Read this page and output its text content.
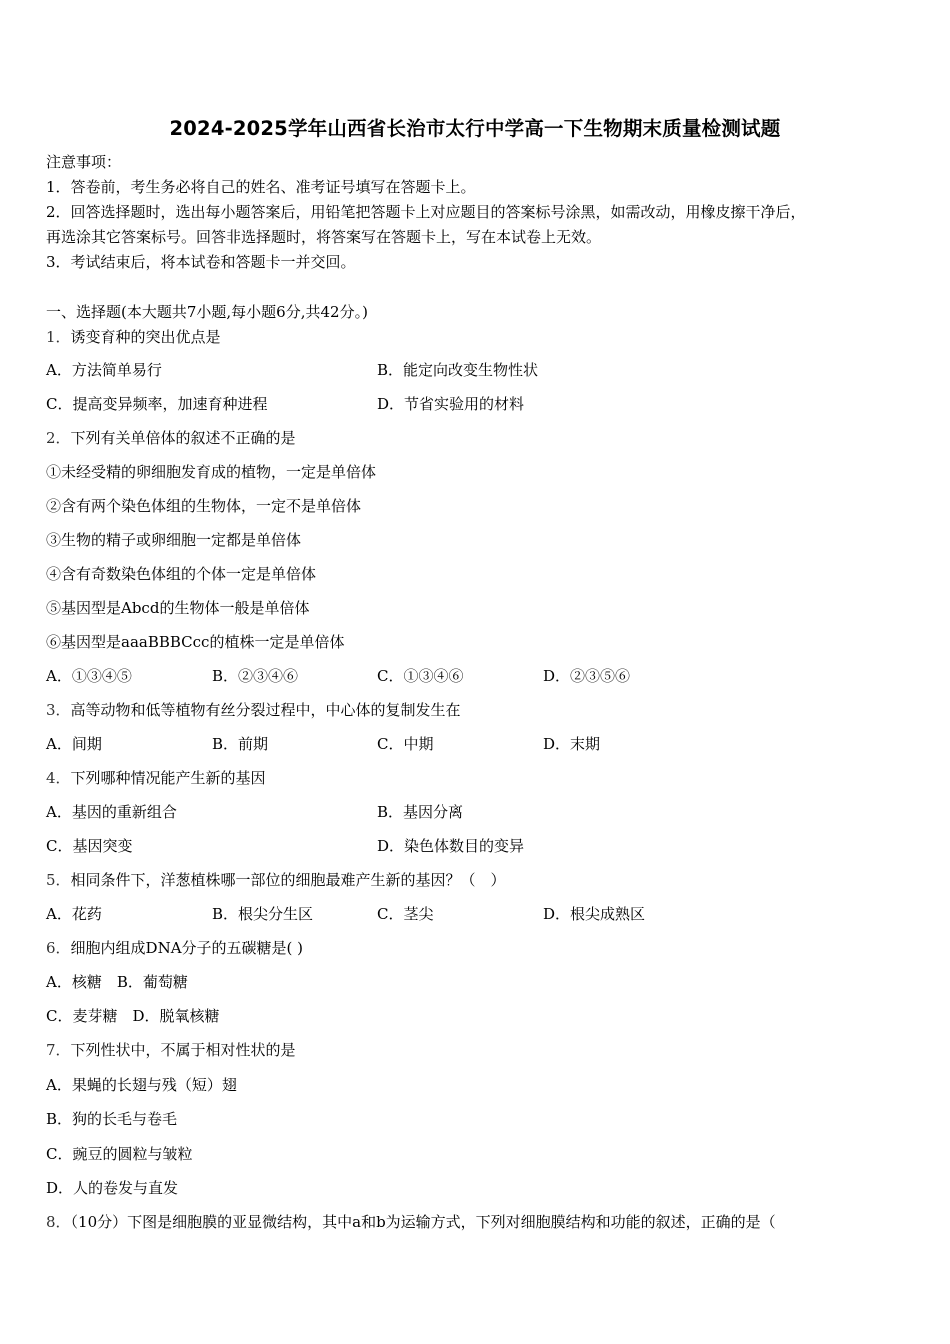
2024-2025学年山西省长治市太行中学高一下生物期末质量检测试题
注意事项：
1．答卷前，考生务必将自己的姓名、准考证号填写在答题卡上。
2．回答选择题时，选出每小题答案后，用铅笔把答题卡上对应题目的答案标号涂黑，如需改动，用橡皮擦干净后，
再选涂其它答案标号。回答非选择题时，将答案写在答题卡上，写在本试卷上无效。
3．考试结束后，将本试卷和答题卡一并交回。
一、选择题(本大题共7小题,每小题6分,共42分。)
1．诱变育种的突出优点是
A．方法简单易行	B．能定向改变生物性状
C．提高变异频率，加速育种进程	D．节省实验用的材料
2．下列有关单倍体的叙述不正确的是
①未经受精的卵细胞发育成的植物，一定是单倍体
②含有两个染色体组的生物体，一定不是单倍体
③生物的精子或卵细胞一定都是单倍体
④含有奇数染色体组的个体一定是单倍体
⑤基因型是Abcd的生物体一般是单倍体
⑥基因型是aaaBBBCcc的植株一定是单倍体
A．①③④⑤	B．②③④⑥	C．①③④⑥	D．②③⑤⑥
3．高等动物和低等植物有丝分裂过程中，中心体的复制发生在
A．间期	B．前期	C．中期	D．末期
4．下列哪种情况能产生新的基因
A．基因的重新组合	B．基因分离
C．基因突变	D．染色体数目的变异
5．相同条件下，洋葱植株哪一部位的细胞最难产生新的基因？（　）
A．花药	B．根尖分生区	C．茎尖	D．根尖成熟区
6．细胞内组成DNA分子的五碳糖是( )
A．核糖　B．葡萄糖
C．麦芽糖　D．脱氧核糖
7．下列性状中，不属于相对性状的是
A．果蝇的长翅与残（短）翅
B．狗的长毛与卷毛
C．豌豆的圆粒与皱粒
D．人的卷发与直发
8．（10分）下图是细胞膜的亚显微结构，其中a和b为运输方式，下列对细胞膜结构和功能的叙述，正确的是（
